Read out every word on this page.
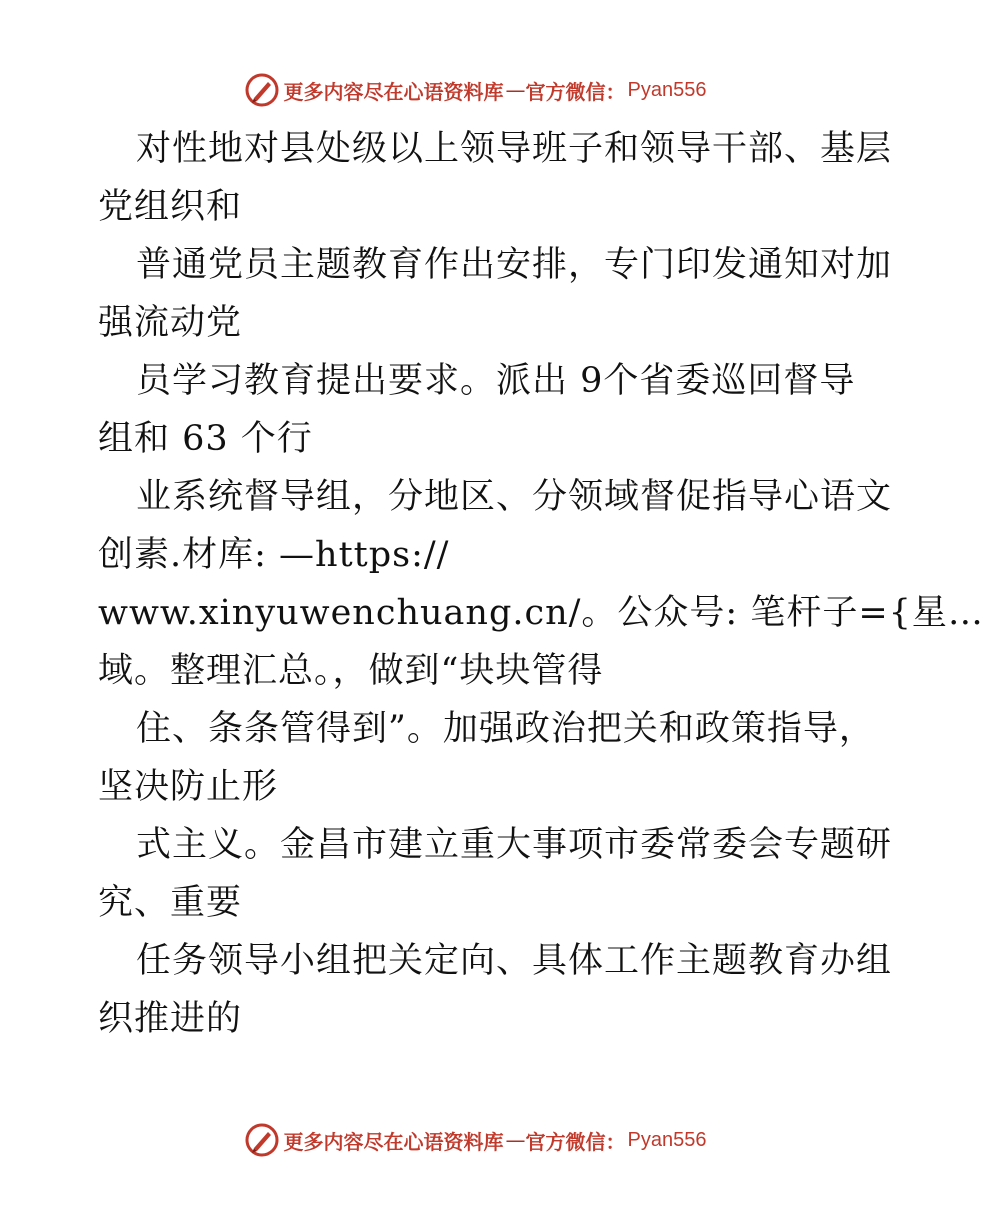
更多内容尽在心语资料库 — 官方微信： Pyan556
对性地对县处级以上领导班子和领导干部、基层
党组织和
普通党员主题教育作出安排，专门印发通知对加
强流动党
员学习教育提出要求。派出 9个省委巡回督导
组和 63 个行
业系统督导组，分地区、分领域督促指导心语文
创素.材库: —https://
www.xinyuwenchuang.cn/。公众号: 笔杆子={星…
域。整理汇总。，做到“块块管得
住、条条管得到”。加强政治把关和政策指导，
坚决防止形
式主义。金昌市建立重大事项市委常委会专题研
究、重要
任务领导小组把关定向、具体工作主题教育办组
织推进的
更多内容尽在心语资料库 — 官方微信： Pyan556
